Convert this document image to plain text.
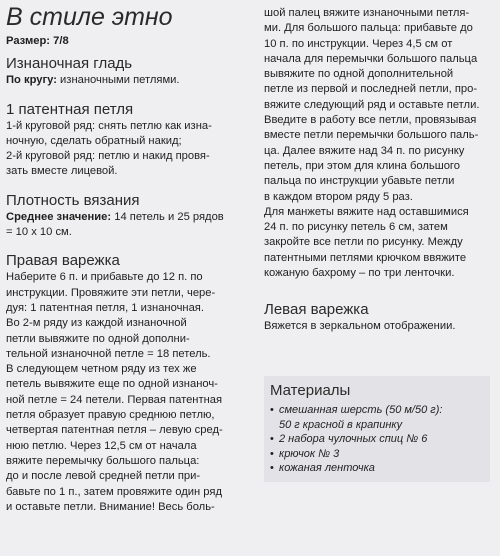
В стиле этно

Размер: 7/8

Изнаночная гладь

По кругу: изнаночными петлями.

1 патентная петля

1-й круговой ряд: снять петлю как изна-

ночную, сделать обратный накид;

2-й круговой ряд: петлю и накид провя-

зать вместе лицевой.

Плотность вязания

Среднее значение: 14 петель и 25 рядов

= 10 х 10 см.

Правая варежка

Наберите 6 п. и прибавьте до 12 п. по

инструкции. Провяжите эти петли, чере-

дуя: 1 патентная петля, 1 изнаночная.

Во 2-м ряду из каждой изнаночной

петли вывяжите по одной дополни-

тельной изнаночной петле = 18 петель.

В следующем четном ряду из тех же

петель вывяжите еще по одной изнаноч-

ной петле = 24 петели. Первая патентная

петля образует правую среднюю петлю,

четвертая патентная петля – левую сред-

нюю петлю. Через 12,5 см от начала

вяжите перемычку большого пальца:

до и после левой средней петли при-

бавьте по 1 п., затем провяжите один ряд

и оставьте петли. Внимание! Весь боль-

шой палец вяжите изнаночными петля-

ми. Для большого пальца: прибавьте до

10 п. по инструкции. Через 4,5 см от

начала для перемычки большого пальца

вывяжите по одной дополнительной

петле из первой и последней петли, про-

вяжите следующий ряд и оставьте петли.

Введите в работу все петли, провязывая

вместе петли перемычки большого паль-

ца. Далее вяжите над 34 п. по рисунку

петель, при этом для клина большого

пальца по инструкции убавьте петли

в каждом втором ряду 5 раз.

Для манжеты вяжите над оставшимися

24 п. по рисунку петель 6 см, затем

закройте все петли по рисунку. Между

патентными петлями крючком ввяжите

кожаную бахрому – по три ленточки.

Левая варежка

Вяжется в зеркальном отображении.

Материалы
• смешанная шерсть (50 м/50 г):
50 г красной в крапинку
• 2 набора чулочных спиц № 6
• крючок № 3
• кожаная ленточка
